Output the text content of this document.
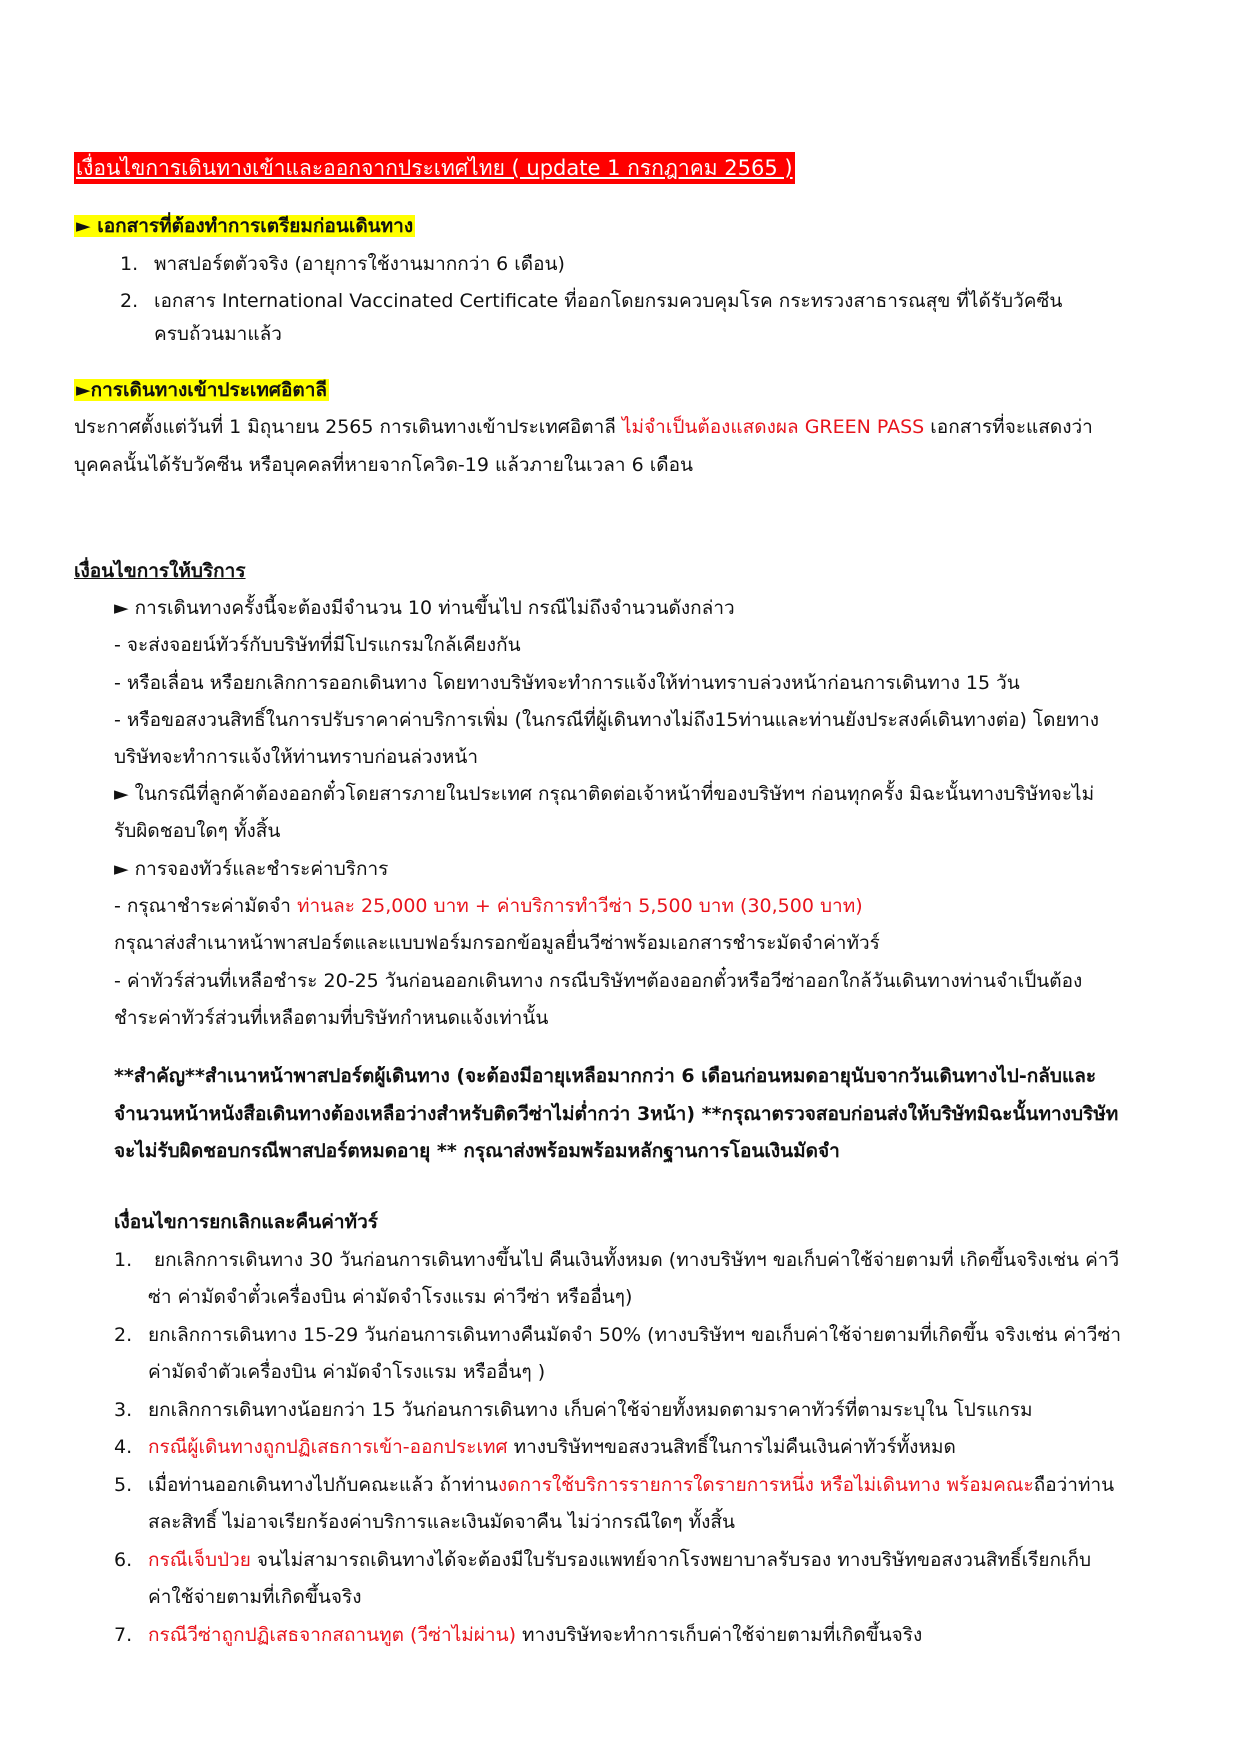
เงื่อนไขการเดินทางเข้าและออกจากประเทศไทย ( update 1 กรกฎาคม 2565 )
► เอกสารที่ต้องทำการเตรียมก่อนเดินทาง
1. พาสปอร์ตตัวจริง (อายุการใช้งานมากกว่า 6 เดือน)
2. เอกสาร International Vaccinated Certificate ที่ออกโดยกรมควบคุมโรค กระทรวงสาธารณสุข ที่ได้รับวัคซีน
ครบถ้วนมาแล้ว
►การเดินทางเข้าประเทศอิตาลี
ประกาศตั้งแต่วันที่ 1 มิถุนายน 2565 การเดินทางเข้าประเทศอิตาลี ไม่จำเป็นต้องแสดงผล GREEN PASS เอกสารที่จะแสดงว่า
บุคคลนั้นได้รับวัคซีน หรือบุคคลที่หายจากโควิด-19 แล้วภายในเวลา 6 เดือน
เงื่อนไขการให้บริการ
► การเดินทางครั้งนี้จะต้องมีจำนวน 10 ท่านขึ้นไป กรณีไม่ถึงจำนวนดังกล่าว
- จะส่งจอยน์ทัวร์กับบริษัทที่มีโปรแกรมใกล้เคียงกัน
- หรือเลื่อน หรือยกเลิกการออกเดินทาง โดยทางบริษัทจะทำการแจ้งให้ท่านทราบล่วงหน้าก่อนการเดินทาง 15 วัน
- หรือขอสงวนสิทธิ์ในการปรับราคาค่าบริการเพิ่ม (ในกรณีที่ผู้เดินทางไม่ถึง15ท่านและท่านยังประสงค์เดินทางต่อ) โดยทาง
บริษัทจะทำการแจ้งให้ท่านทราบก่อนล่วงหน้า
► ในกรณีที่ลูกค้าต้องออกตั๋วโดยสารภายในประเทศ กรุณาติดต่อเจ้าหน้าที่ของบริษัทฯ ก่อนทุกครั้ง มิฉะนั้นทางบริษัทจะไม่
รับผิดชอบใดๆ ทั้งสิ้น
► การจองทัวร์และชำระค่าบริการ
- กรุณาชำระค่ามัดจำ ท่านละ 25,000 บาท + ค่าบริการทำวีซ่า 5,500 บาท (30,500 บาท)
กรุณาส่งสำเนาหน้าพาสปอร์ตและแบบฟอร์มกรอกข้อมูลยื่นวีซ่าพร้อมเอกสารชำระมัดจำค่าทัวร์
- ค่าทัวร์ส่วนที่เหลือชำระ 20-25 วันก่อนออกเดินทาง กรณีบริษัทฯต้องออกตั๋วหรือวีซ่าออกใกล้วันเดินทางท่านจำเป็นต้อง
ชำระค่าทัวร์ส่วนที่เหลือตามที่บริษัทกำหนดแจ้งเท่านั้น
**สำคัญ**สำเนาหน้าพาสปอร์ตผู้เดินทาง (จะต้องมีอายุเหลือมากกว่า 6 เดือนก่อนหมดอายุนับจากวันเดินทางไป-กลับและ
จำนวนหน้าหนังสือเดินทางต้องเหลือว่างสำหรับติดวีซ่าไม่ต่ำกว่า 3หน้า) **กรุณาตรวจสอบก่อนส่งให้บริษัทมิฉะนั้นทางบริษัท
จะไม่รับผิดชอบกรณีพาสปอร์ตหมดอายุ ** กรุณาส่งพร้อมพร้อมหลักฐานการโอนเงินมัดจำ
เงื่อนไขการยกเลิกและคืนค่าทัวร์
1. ยกเลิกการเดินทาง 30 วันก่อนการเดินทางขึ้นไป คืนเงินทั้งหมด (ทางบริษัทฯ ขอเก็บค่าใช้จ่ายตามที่ เกิดขึ้นจริงเช่น ค่าวี
ซ่า ค่ามัดจำตั๋วเครื่องบิน ค่ามัดจำโรงแรม ค่าวีซ่า หรืออื่นๆ)
2. ยกเลิกการเดินทาง 15-29 วันก่อนการเดินทางคืนมัดจำ 50% (ทางบริษัทฯ ขอเก็บค่าใช้จ่ายตามที่เกิดขึ้น จริงเช่น ค่าวีซ่า
ค่ามัดจำตัวเครื่องบิน ค่ามัดจำโรงแรม หรืออื่นๆ )
3. ยกเลิกการเดินทางน้อยกว่า 15 วันก่อนการเดินทาง เก็บค่าใช้จ่ายทั้งหมดตามราคาทัวร์ที่ตามระบุใน โปรแกรม
4. กรณีผู้เดินทางถูกปฏิเสธการเข้า-ออกประเทศ ทางบริษัทฯขอสงวนสิทธิ์ในการไม่คืนเงินค่าทัวร์ทั้งหมด
5. เมื่อท่านออกเดินทางไปกับคณะแล้ว ถ้าท่านงดการใช้บริการรายการใดรายการหนึ่ง หรือไม่เดินทาง พร้อมคณะถือว่าท่าน
สละสิทธิ์ ไม่อาจเรียกร้องค่าบริการและเงินมัดจาคืน ไม่ว่ากรณีใดๆ ทั้งสิ้น
6. กรณีเจ็บป่วย จนไม่สามารถเดินทางได้จะต้องมีใบรับรองแพทย์จากโรงพยาบาลรับรอง ทางบริษัทขอสงวนสิทธิ์เรียกเก็บ
ค่าใช้จ่ายตามที่เกิดขึ้นจริง
7. กรณีวีซ่าถูกปฏิเสธจากสถานทูต (วีซ่าไม่ผ่าน) ทางบริษัทจะทำการเก็บค่าใช้จ่ายตามที่เกิดขึ้นจริง
